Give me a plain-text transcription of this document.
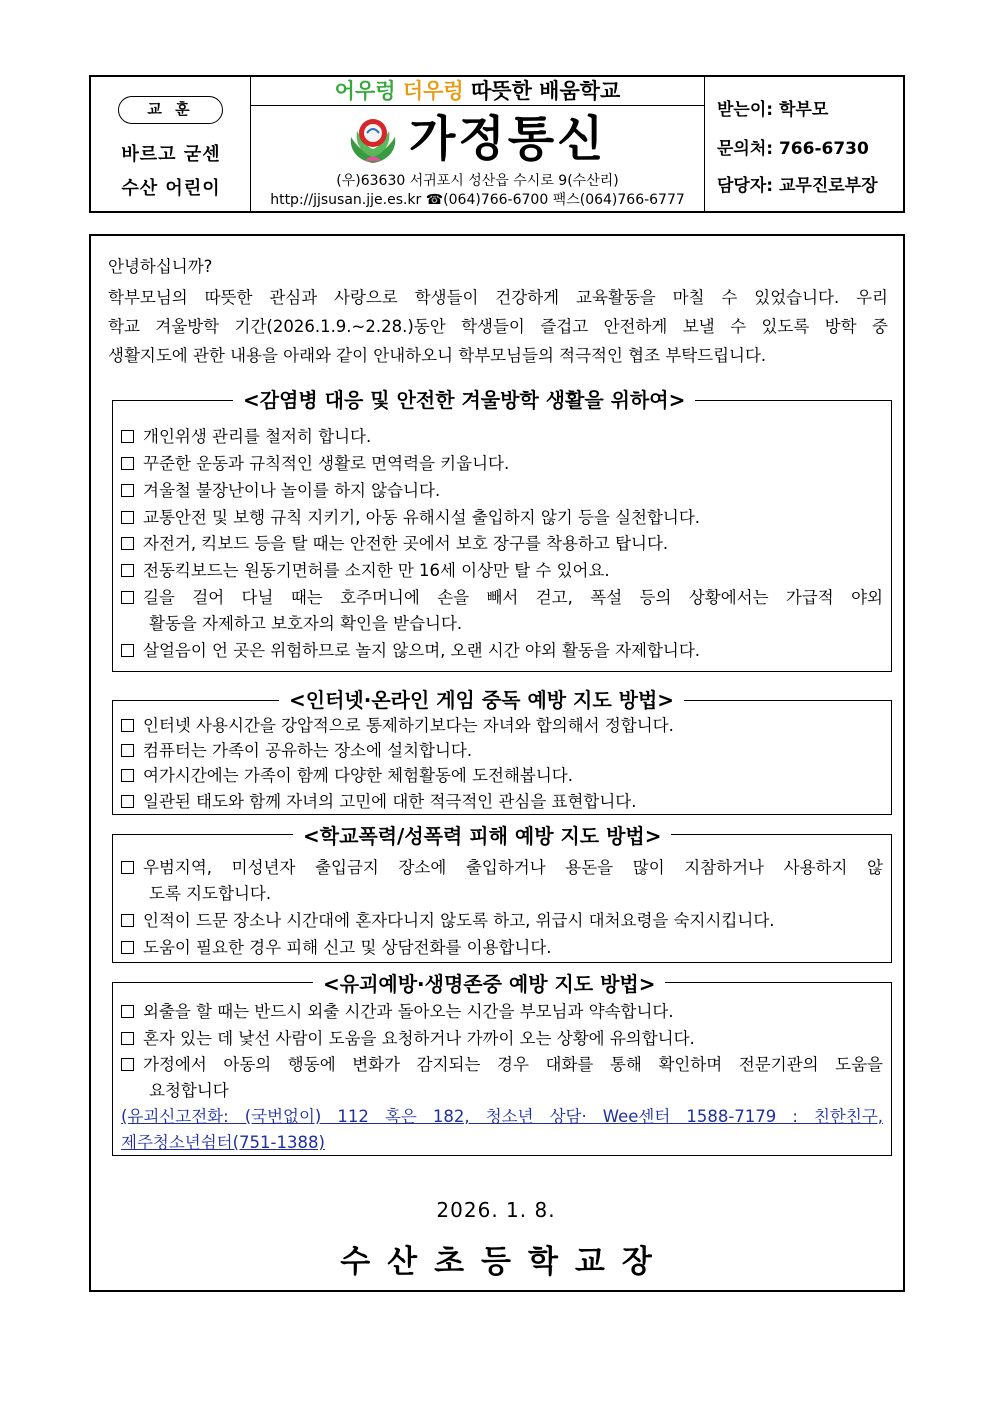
교 훈
바르고 굳센
수산 어린이
어우렁 더우렁 따뜻한 배움학교
가정통신
(우)63630 서귀포시 성산읍 수시로 9(수산리)
http://jjsusan.jje.es.kr ☎(064)766-6700 팩스(064)766-6777
받는이: 학부모
문의처: 766-6730
담당자: 교무진로부장
안녕하십니까?
학부모님의 따뜻한 관심과 사랑으로 학생들이 건강하게 교육활동을 마칠 수 있었습니다. 우리
학교 겨울방학 기간(2026.1.9.~2.28.)동안 학생들이 즐겁고 안전하게 보낼 수 있도록 방학 중
생활지도에 관한 내용을 아래와 같이 안내하오니 학부모님들의 적극적인 협조 부탁드립니다.
<감염병 대응 및 안전한 겨울방학 생활을 위하여>
개인위생 관리를 철저히 합니다.
꾸준한 운동과 규칙적인 생활로 면역력을 키웁니다.
겨울철 불장난이나 놀이를 하지 않습니다.
교통안전 및 보행 규칙 지키기, 아동 유해시설 출입하지 않기 등을 실천합니다.
자전거, 킥보드 등을 탈 때는 안전한 곳에서 보호 장구를 착용하고 탑니다.
전동킥보드는 원동기면허를 소지한 만 16세 이상만 탈 수 있어요.
길을 걸어 다닐 때는 호주머니에 손을 빼서 걷고, 폭설 등의 상황에서는 가급적 야외
활동을 자제하고 보호자의 확인을 받습니다.
살얼음이 언 곳은 위험하므로 놀지 않으며, 오랜 시간 야외 활동을 자제합니다.
<인터넷·온라인 게임 중독 예방 지도 방법>
인터넷 사용시간을 강압적으로 통제하기보다는 자녀와 합의해서 정합니다.
컴퓨터는 가족이 공유하는 장소에 설치합니다.
여가시간에는 가족이 함께 다양한 체험활동에 도전해봅니다.
일관된 태도와 함께 자녀의 고민에 대한 적극적인 관심을 표현합니다.
<학교폭력/성폭력 피해 예방 지도 방법>
우범지역, 미성년자 출입금지 장소에 출입하거나 용돈을 많이 지참하거나 사용하지 않
도록 지도합니다.
인적이 드문 장소나 시간대에 혼자다니지 않도록 하고, 위급시 대처요령을 숙지시킵니다.
도움이 필요한 경우 피해 신고 및 상담전화를 이용합니다.
<유괴예방·생명존중 예방 지도 방법>
외출을 할 때는 반드시 외출 시간과 돌아오는 시간을 부모님과 약속합니다.
혼자 있는 데 낯선 사람이 도움을 요청하거나 가까이 오는 상황에 유의합니다.
가정에서 아동의 행동에 변화가 감지되는 경우 대화를 통해 확인하며 전문기관의 도움을
요청합니다
(유괴신고전화: (국번없이) 112 혹은 182, 청소년 상담· Wee센터 1588-7179 : 친한친구,
제주청소년쉼터(751-1388)
2026. 1. 8.
수산초등학교장
